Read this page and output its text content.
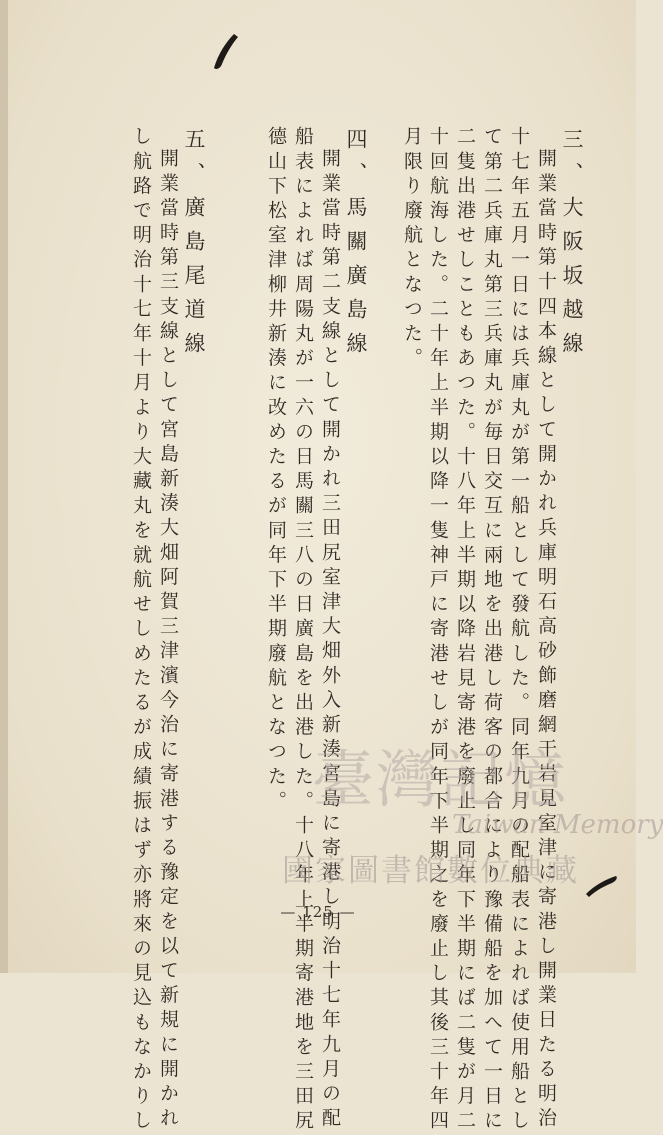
三、大阪坂越線

開業當時第十四本線として開かれ兵庫明石高砂飾磨網干岩見室津に寄港し開業日たる明治

十七年五月一日には兵庫丸が第一船として發航した。同年九月の配船表によれば使用船とし

て第二兵庫丸第三兵庫丸が毎日交互に兩地を出港し荷客の都合により豫備船を加へて一日に

二隻出港せしこともあつた。十八年上半期以降岩見寄港を廢止し同年下半期にば二隻が月二

十回航海した。二十年上半期以降一隻神戸に寄港せしが同年下半期之を廢止し其後三十年四

月限り廢航となつた。

四、馬關廣島線

開業當時第二支線として開かれ三田尻室津大畑外入新湊宮島に寄港し明治十七年九月の配

船表によれば周陽丸が一六の日馬關三八の日廣島を出港した。十八年上半期寄港地を三田尻

德山下松室津柳井新湊に改めたるが同年下半期廢航となつた。

五、廣島尾道線

開業當時第三支線として宮島新湊大畑阿賀三津濱今治に寄港する豫定を以て新規に開かれ

し航路で明治十七年十月より大藏丸を就航せしめたるが成績振はず亦將來の見込もなかりし	— 125 —
臺灣記憶
Taiwan Memory
國家圖書館數位典藏
